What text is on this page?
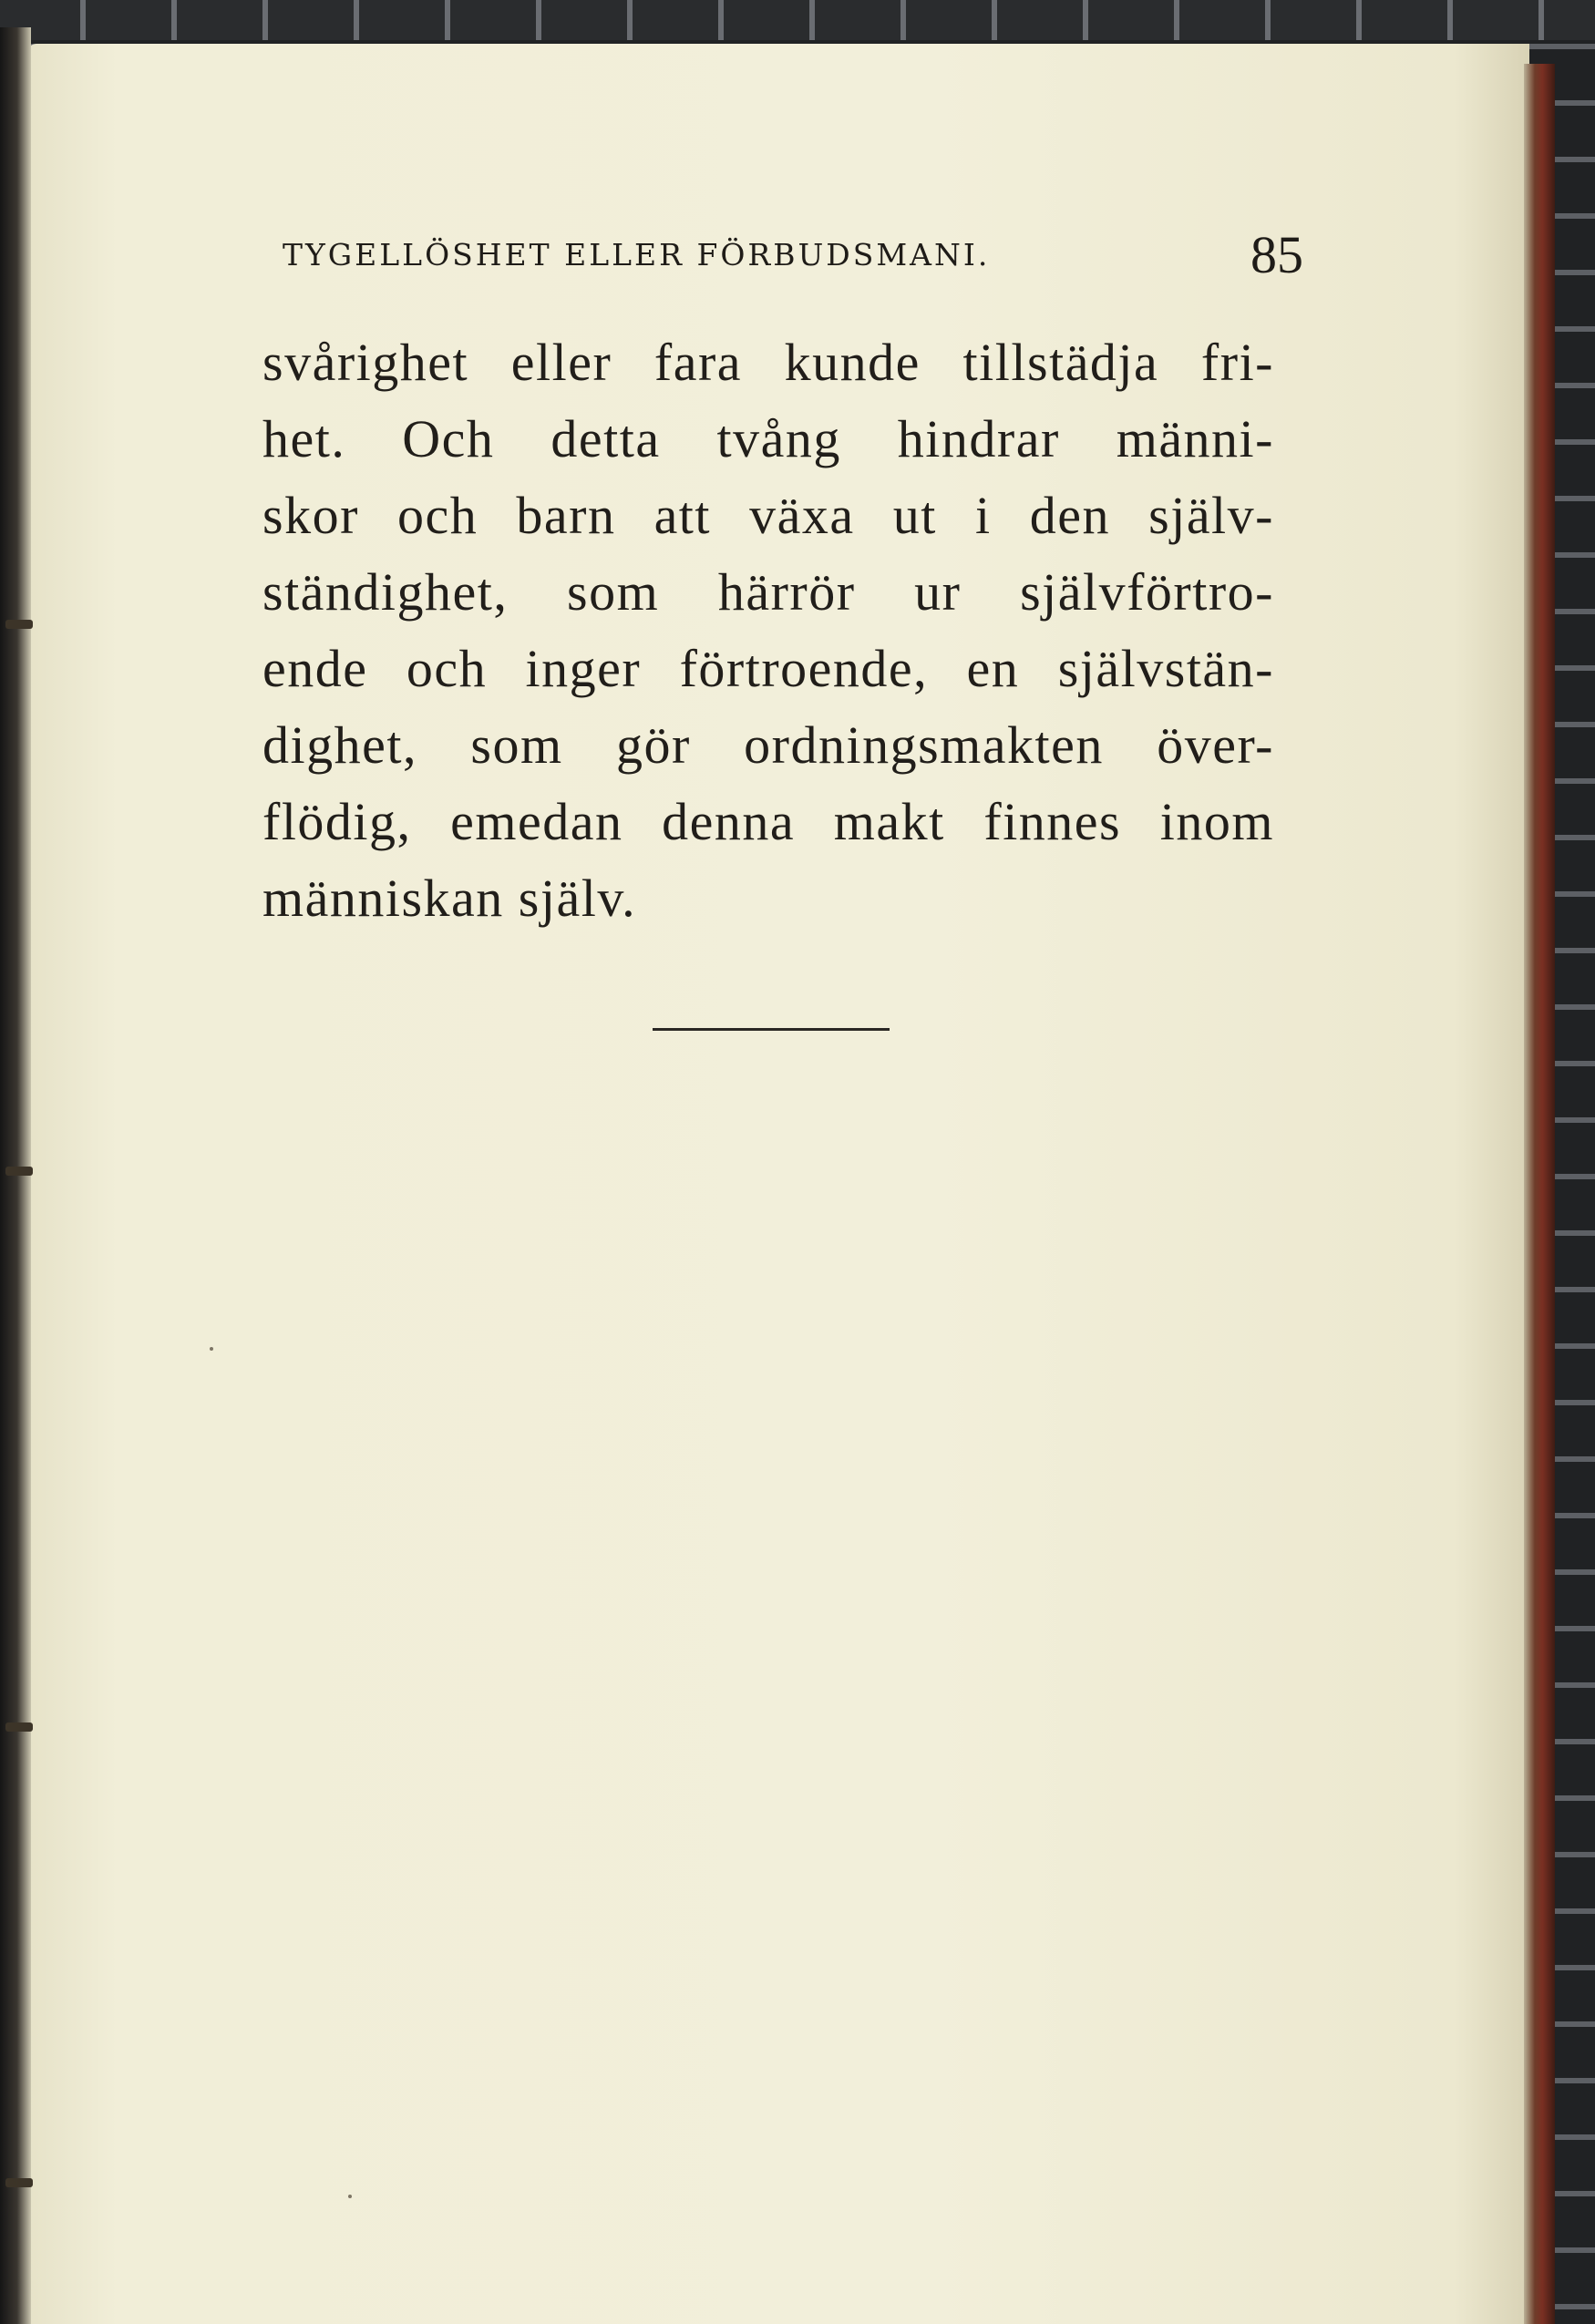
TYGELLÖSHET ELLER FÖRBUDSMANI.	85
svårighet eller fara kunde tillstädja fri-
het. Och detta tvång hindrar männi-
skor och barn att växa ut i den själv-
ständighet, som härrör ur självförtro-
ende och inger förtroende, en självstän-
dighet, som gör ordningsmakten över-
flödig, emedan denna makt finnes inom
människan själv.
